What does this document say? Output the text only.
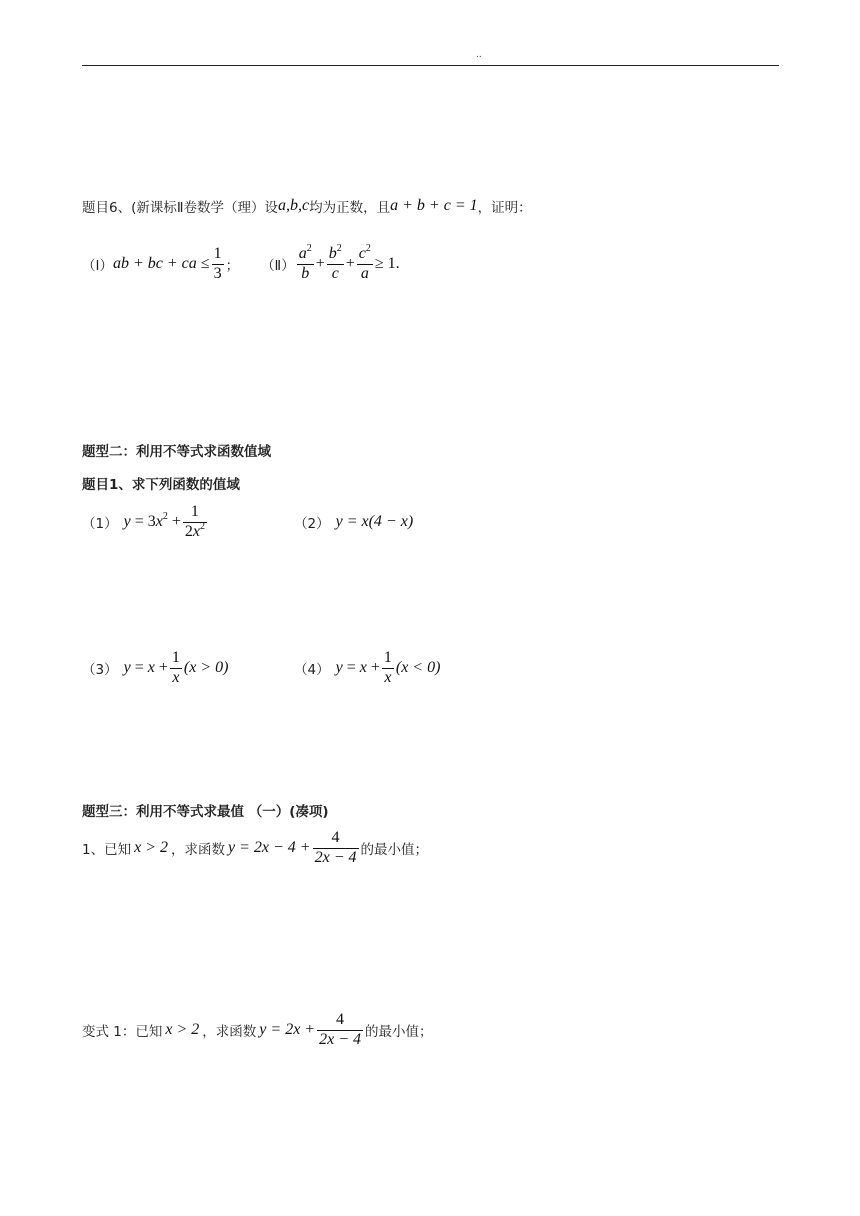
..
题目6、(新课标Ⅱ卷数学（理）设 a,b,c 均为正数，且 a + b + c = 1 ，证明：
（Ⅰ） ab + bc + ca ≤ $\frac{1}{3}$ ； （Ⅱ） $\frac{a^2}{b} + \frac{b^2}{c} + \frac{c^2}{a} \ge 1$.
题型二：利用不等式求函数值域
题目1、求下列函数的值域
（1） $y = 3x^2 + \frac{1}{2x^2}$	（2） y = x(4 − x)
（3） $y = x + \frac{1}{x} (x > 0)$	（4） $y = x + \frac{1}{x} (x < 0)$
题型三：利用不等式求最值 （一）(凑项)
1、已知 x > 2 ，求函数 $y = 2x - 4 + \frac{4}{2x - 4}$ 的最小值；
变式 1：已知 x > 2 ，求函数 $y = 2x + \frac{4}{2x - 4}$ 的最小值；
